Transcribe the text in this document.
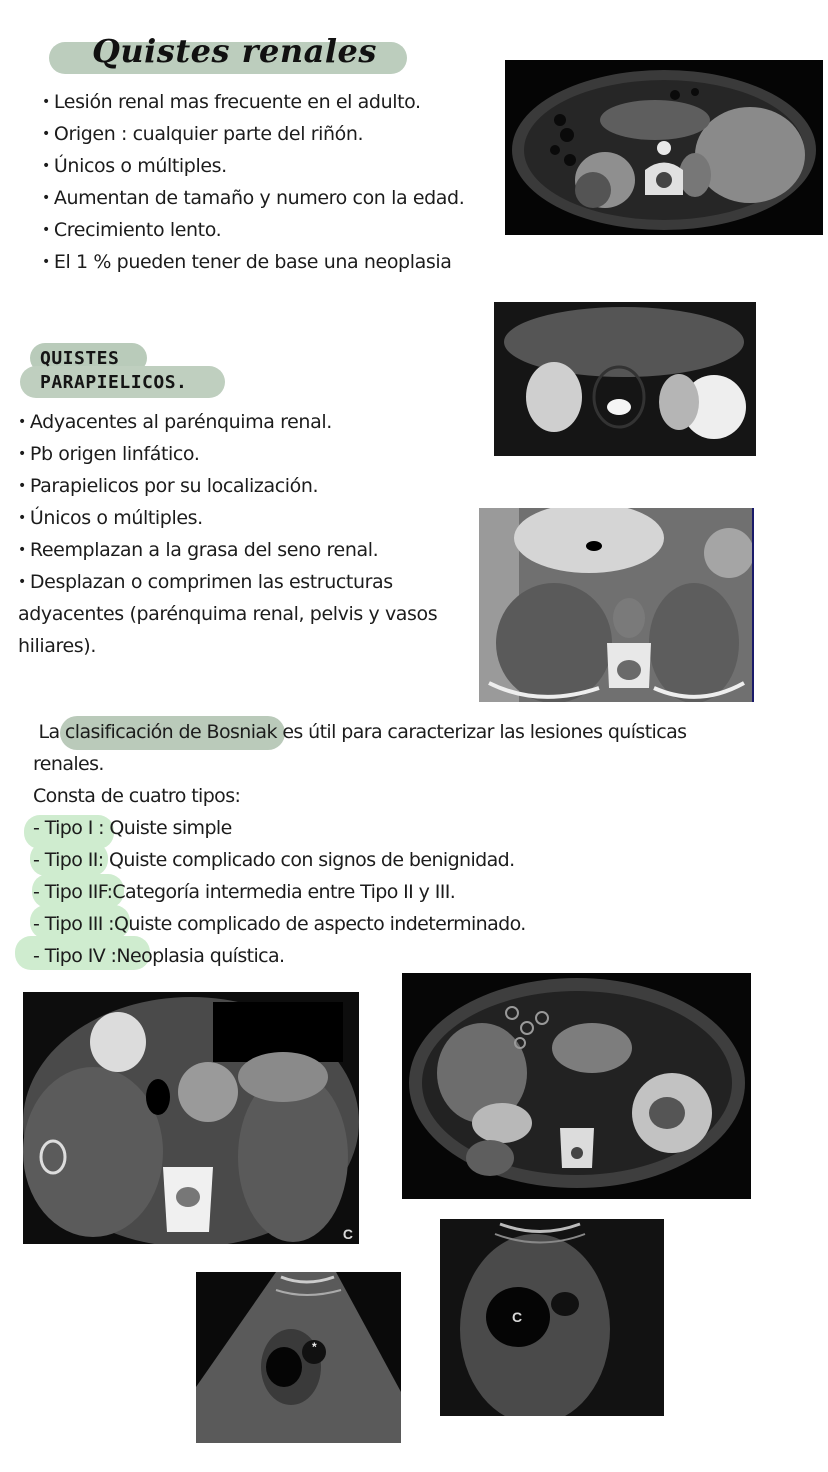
Quistes renales
• Lesión renal mas frecuente en el adulto.
• Origen : cualquier parte del riñón.
• Únicos o múltiples.
• Aumentan de tamaño y numero con la edad.
• Crecimiento lento.
• El 1 % pueden tener de base una neoplasia
QUISTES
PARAPIELICOS.
• Adyacentes al parénquima renal.
• Pb origen linfático.
• Parapielicos por su localización.
• Únicos o múltiples.
• Reemplazan a la grasa del seno renal.
• Desplazan o comprimen las estructuras adyacentes (parénquima renal, pelvis y vasos hiliares).

La clasificación de Bosniak es útil para caracterizar las lesiones quísticas

renales.

Consta de cuatro tipos:

- Tipo I : Quiste simple

- Tipo II: Quiste complicado con signos de benignidad.

- Tipo IIF:Categoría intermedia entre Tipo II y III.

- Tipo III :Quiste complicado de aspecto indeterminado.

- Tipo IV :Neoplasia quística.

C
*
C
